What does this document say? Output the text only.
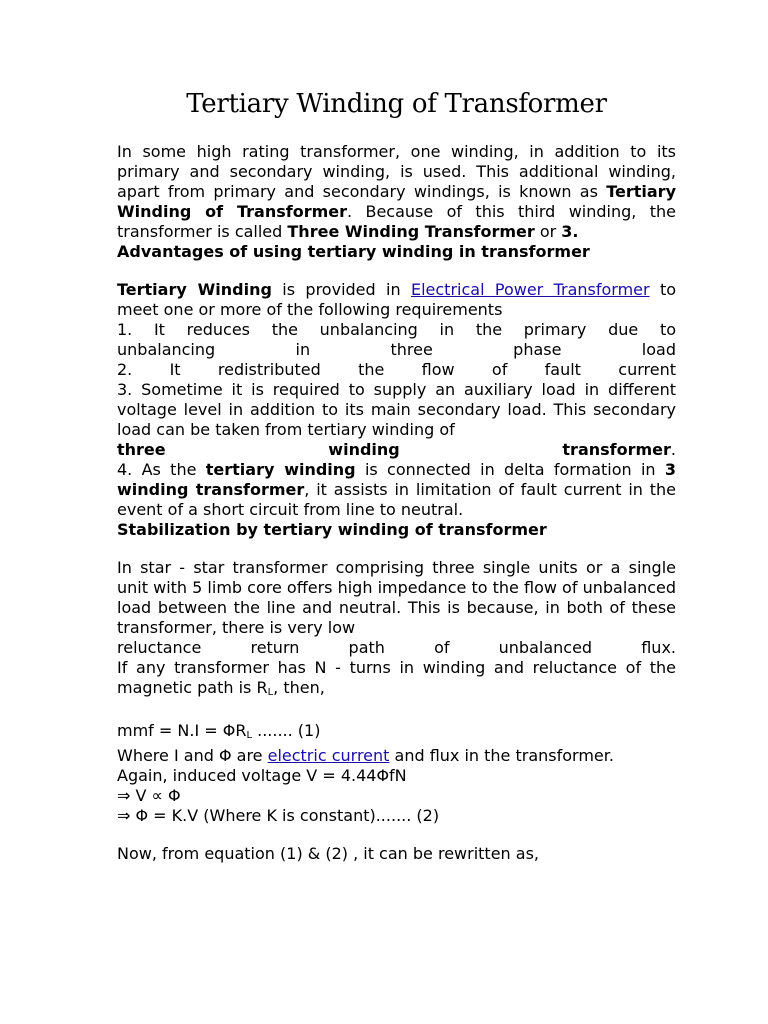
Tertiary Winding of Transformer

In some high rating transformer, one winding, in addition to its primary and secondary winding, is used. This additional winding, apart from primary and secondary windings, is known as Tertiary Winding of Transformer. Because of this third winding, the transformer is called Three Winding Transformer or 3.

Advantages of using tertiary winding in transformer

Tertiary Winding is provided in Electrical Power Transformer to meet one or more of the following requirements

1. It reduces the unbalancing in the primary due to

unbalancing in three phase load

2. It redistributed the flow of fault current

3. Sometime it is required to supply an auxiliary load in different voltage level in addition to its main secondary load. This secondary load can be taken from tertiary winding of

three winding transformer.

4. As the tertiary winding is connected in delta formation in 3 winding transformer, it assists in limitation of fault current in the event of a short circuit from line to neutral.

Stabilization by tertiary winding of transformer

In star - star transformer comprising three single units or a single unit with 5 limb core offers high impedance to the flow of unbalanced load between the line and neutral. This is because, in both of these transformer, there is very low

reluctance return path of unbalanced flux.

If any transformer has N - turns in winding and reluctance of the magnetic path is $R_L$, then,

mmf = $N.I = \Phi R_L$ ....... (1)

Where I and Φ are electric current and flux in the transformer.

Again, induced voltage V = 4.44ΦfN

⇒ V ∝ Φ

⇒ Φ = K.V (Where K is constant)....... (2)

Now, from equation (1) & (2) , it can be rewritten as,
